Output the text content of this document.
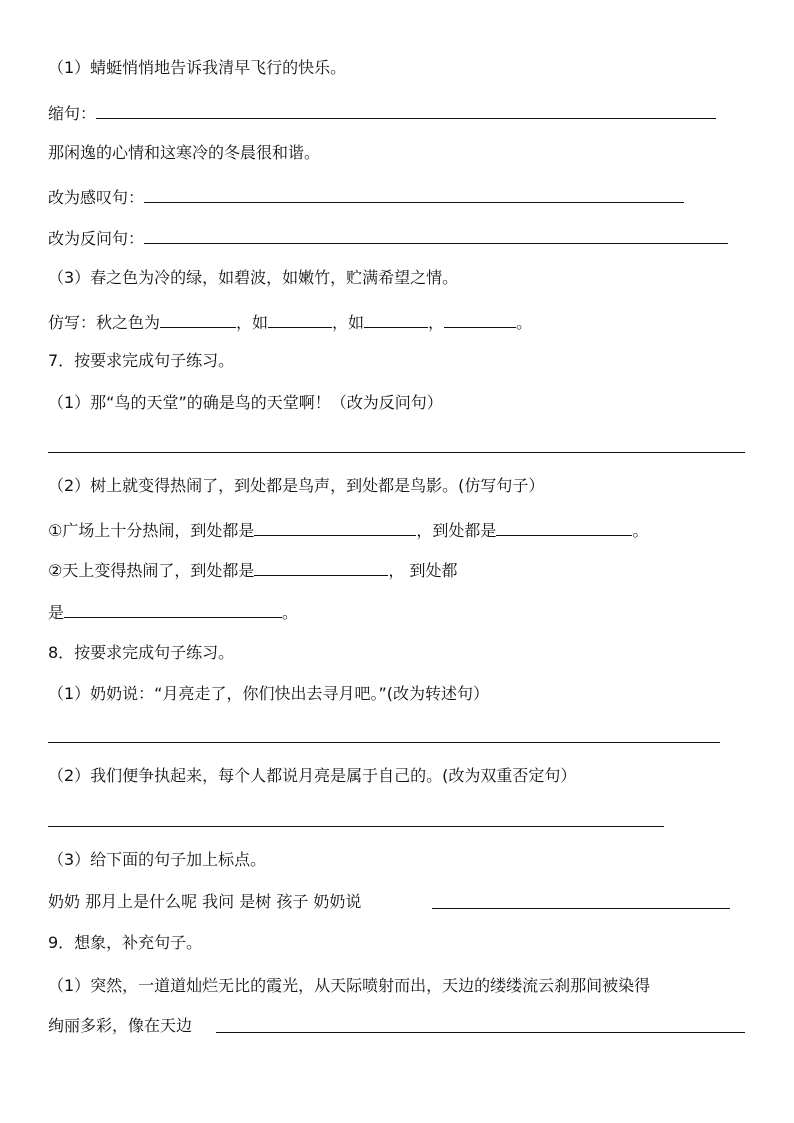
（1）蜻蜓悄悄地告诉我清早飞行的快乐。
缩句：
那闲逸的心情和这寒冷的冬晨很和谐。
改为感叹句：
改为反问句：
（3）春之色为冷的绿，如碧波，如嫩竹，贮满希望之情。
仿写：秋之色为	，如	，如	，	。
7．按要求完成句子练习。
（1）那“鸟的天堂”的确是鸟的天堂啊！（改为反问句）
（2）树上就变得热闹了，到处都是鸟声，到处都是鸟影。(仿写句子）
①广场上十分热闹，到处都是	，到处都是	。
②天上变得热闹了，到处都是	， 到处都
是	。
8．按要求完成句子练习。
（1）奶奶说：“月亮走了，你们快出去寻月吧。”(改为转述句）
（2）我们便争执起来，每个人都说月亮是属于自己的。(改为双重否定句）
（3）给下面的句子加上标点。
奶奶 那月上是什么呢 我问 是树 孩子 奶奶说
9．想象，补充句子。
（1）突然，一道道灿烂无比的霞光，从天际喷射而出，天边的缕缕流云刹那间被染得
绚丽多彩，像在天边
